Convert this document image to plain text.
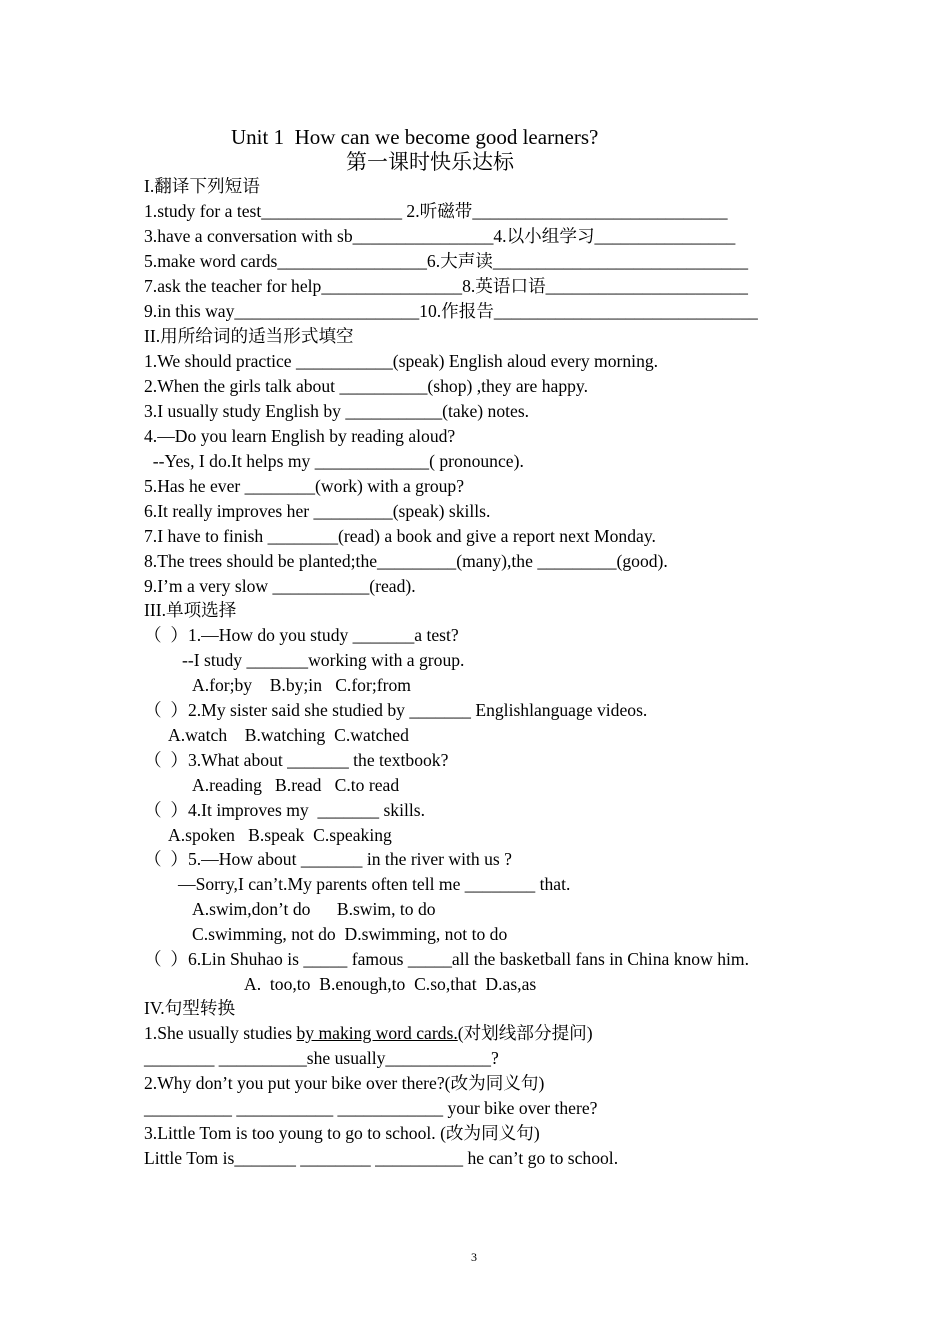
Unit 1  How can we become good learners?
第一课时快乐达标
I.翻译下列短语
1.study for a test________________ 2.听磁带_____________________________
3.have a conversation with sb________________4.以小组学习________________
5.make word cards_________________6.大声读_____________________________
7.ask the teacher for help________________8.英语口语_______________________
9.in this way_____________________10.作报告______________________________
II.用所给词的适当形式填空
1.We should practice ___________(speak) English aloud every morning.
2.When the girls talk about __________(shop) ,they are happy.
3.I usually study English by ___________(take) notes.
4.—Do you learn English by reading aloud?
--Yes, I do.It helps my _____________( pronounce).
5.Has he ever ________(work) with a group?
6.It really improves her _________(speak) skills.
7.I have to finish ________(read) a book and give a report next Monday.
8.The trees should be planted;the_________(many),the _________(good).
9.I’m a very slow ___________(read).
III.单项选择
（  ）1.—How do you study _______a test?
--I study _______working with a group.
A.for;by    B.by;in   C.for;from
（  ）2.My sister said she studied by _______ Englishlanguage videos.
A.watch    B.watching  C.watched
（  ）3.What about _______ the textbook?
A.reading   B.read   C.to read
（  ）4.It improves my  _______ skills.
A.spoken   B.speak  C.speaking
（  ）5.—How about _______ in the river with us ?
—Sorry,I can’t.My parents often tell me ________ that.
A.swim,don’t do      B.swim, to do
C.swimming, not do  D.swimming, not to do
（  ）6.Lin Shuhao is _____ famous _____all the basketball fans in China know him.
A.  too,to  B.enough,to  C.so,that  D.as,as
IV.句型转换
1.She usually studies by making word cards.(对划线部分提问)
________ __________she usually____________?
2.Why don’t you put your bike over there?(改为同义句)
__________ ___________ ____________ your bike over there?
3.Little Tom is too young to go to school. (改为同义句)
Little Tom is_______ ________ __________ he can’t go to school.
3
